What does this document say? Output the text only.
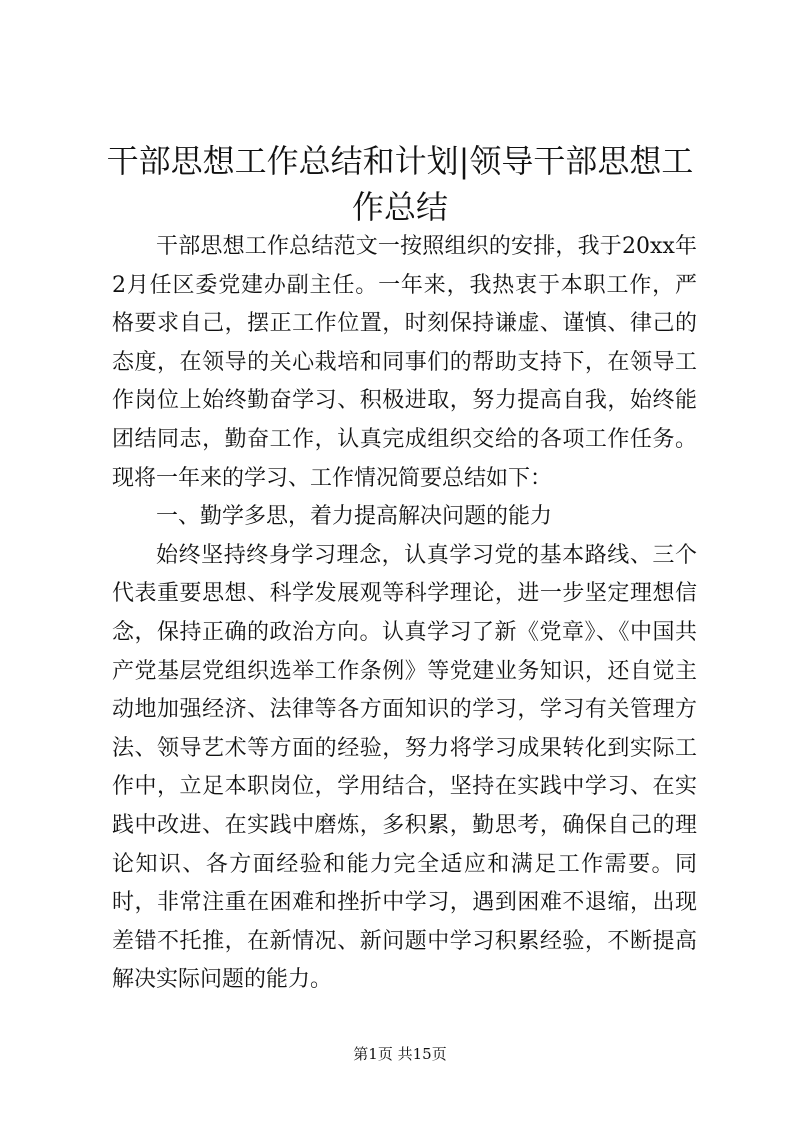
干部思想工作总结和计划|领导干部思想工作总结

干部思想工作总结范文一按照组织的安排，我于20xx年2月任区委党建办副主任。一年来，我热衷于本职工作，严格要求自己，摆正工作位置，时刻保持谦虚、谨慎、律己的态度，在领导的关心栽培和同事们的帮助支持下，在领导工作岗位上始终勤奋学习、积极进取，努力提高自我，始终能团结同志，勤奋工作，认真完成组织交给的各项工作任务。现将一年来的学习、工作情况简要总结如下：

一、勤学多思，着力提高解决问题的能力

始终坚持终身学习理念，认真学习党的基本路线、三个代表重要思想、科学发展观等科学理论，进一步坚定理想信念，保持正确的政治方向。认真学习了新《党章》、《中国共产党基层党组织选举工作条例》等党建业务知识，还自觉主动地加强经济、法律等各方面知识的学习，学习有关管理方法、领导艺术等方面的经验，努力将学习成果转化到实际工作中，立足本职岗位，学用结合，坚持在实践中学习、在实践中改进、在实践中磨炼，多积累，勤思考，确保自己的理论知识、各方面经验和能力完全适应和满足工作需要。同时，非常注重在困难和挫折中学习，遇到困难不退缩，出现差错不托推，在新情况、新问题中学习积累经验，不断提高解决实际问题的能力。

第1页 共15页
